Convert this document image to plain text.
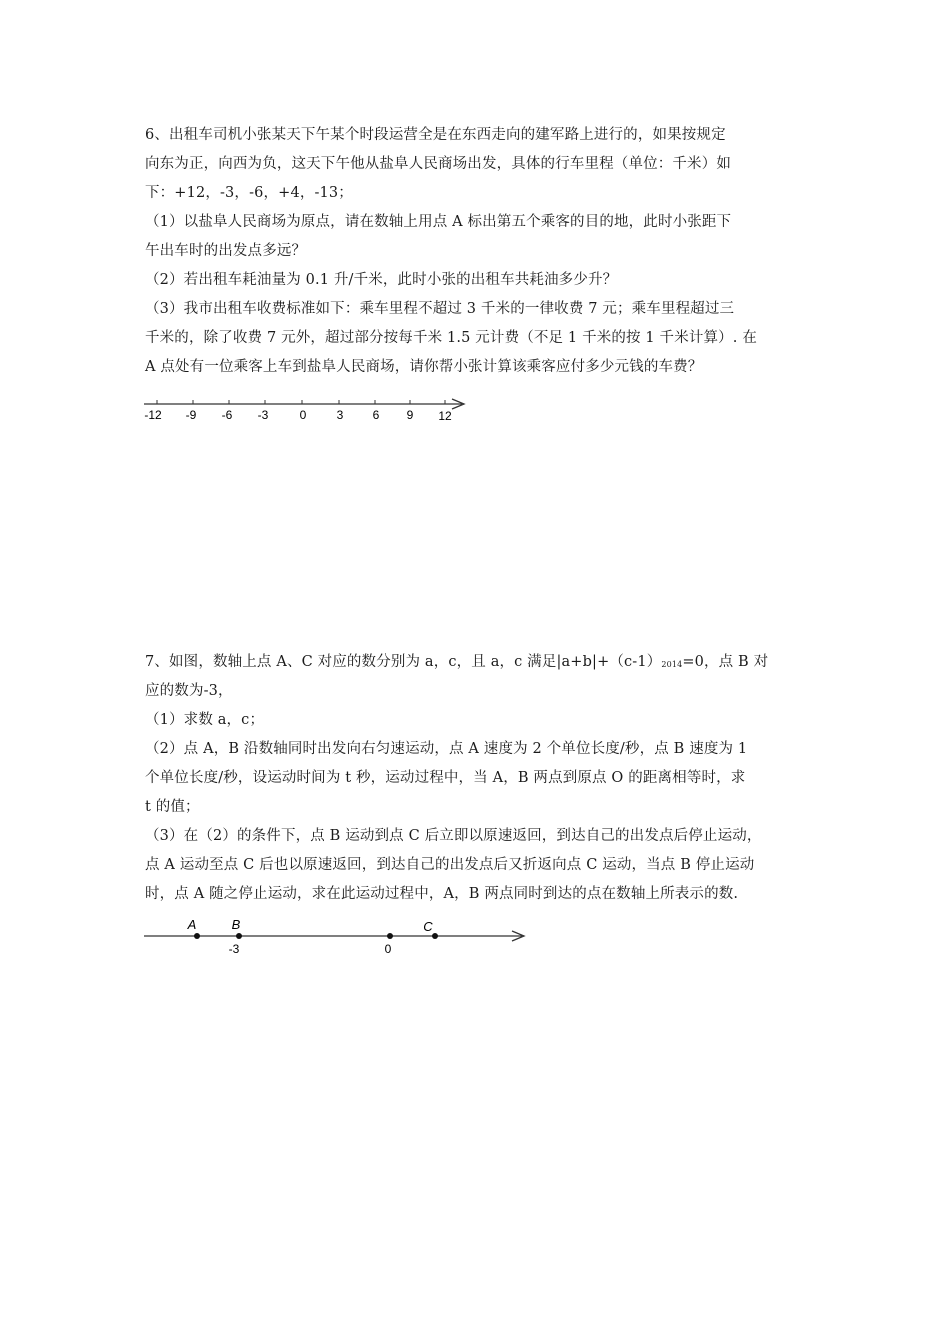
6、出租车司机小张某天下午某个时段运营全是在东西走向的建军路上进行的，如果按规定
向东为正，向西为负，这天下午他从盐阜人民商场出发，具体的行车里程（单位：千米）如
下：+12，-3，-6，+4，-13；
（1）以盐阜人民商场为原点，请在数轴上用点 A 标出第五个乘客的目的地，此时小张距下
午出车时的出发点多远？
（2）若出租车耗油量为 0.1 升/千米，此时小张的出租车共耗油多少升？
（3）我市出租车收费标准如下：乘车里程不超过 3 千米的一律收费 7 元；乘车里程超过三
千米的，除了收费 7 元外，超过部分按每千米 1.5 元计费（不足 1 千米的按 1 千米计算）. 在
A 点处有一位乘客上车到盐阜人民商场，请你帮小张计算该乘客应付多少元钱的车费？
-12 -9 -6 -3	0	3 6 9 12
7、如图，数轴上点 A、C 对应的数分别为 a，c，且 a，c 满足|a+b|+（c-1）2014=0，点 B 对
应的数为-3，
（1）求数 a，c；
（2）点 A，B 沿数轴同时出发向右匀速运动，点 A 速度为 2 个单位长度/秒，点 B 速度为 1
个单位长度/秒，设运动时间为 t 秒，运动过程中，当 A，B 两点到原点 O 的距离相等时，求
t 的值；
（3）在（2）的条件下，点 B 运动到点 C 后立即以原速返回，到达自己的出发点后停止运动，
点 A 运动至点 C 后也以原速返回，到达自己的出发点后又折返向点 C 运动，当点 B 停止运动
时，点 A 随之停止运动，求在此运动过程中，A，B 两点同时到达的点在数轴上所表示的数.
A	B
-3	0
C
